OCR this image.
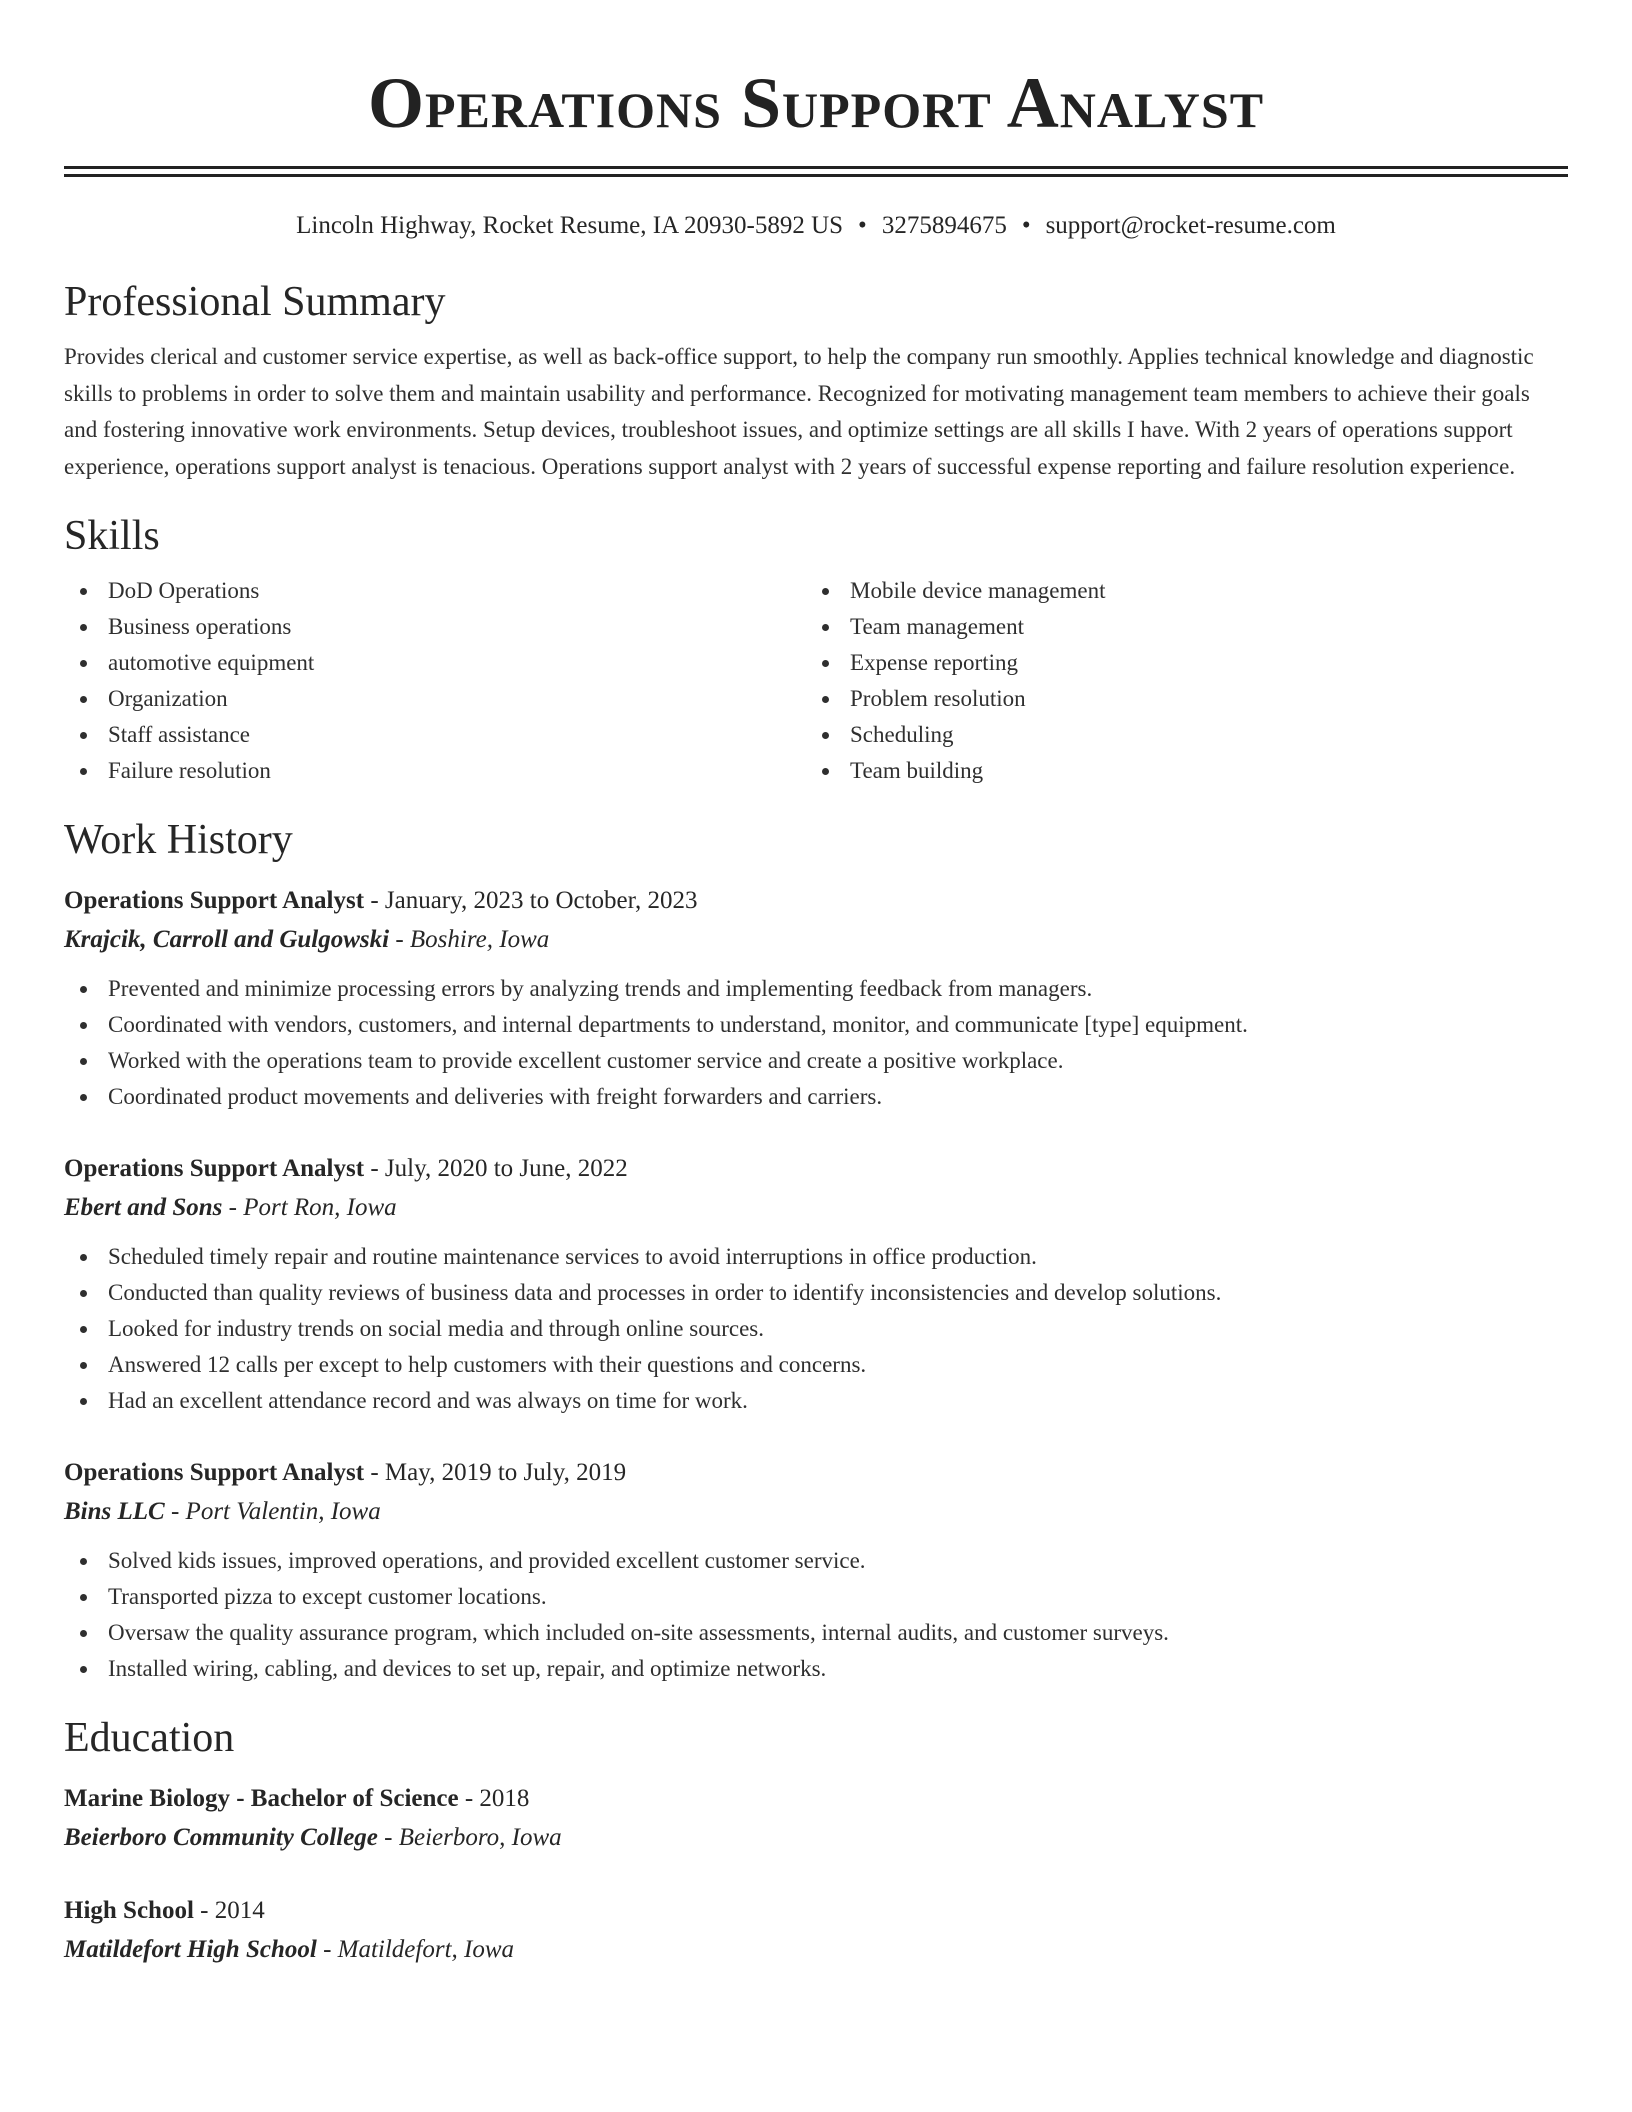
Operations Support Analyst
Lincoln Highway, Rocket Resume, IA 20930-5892 US • 3275894675 • support@rocket-resume.com
Professional Summary

Provides clerical and customer service expertise, as well as back-office support, to help the company run smoothly. Applies technical knowledge and diagnostic skills to problems in order to solve them and maintain usability and performance. Recognized for motivating management team members to achieve their goals and fostering innovative work environments. Setup devices, troubleshoot issues, and optimize settings are all skills I have. With 2 years of operations support experience, operations support analyst is tenacious. Operations support analyst with 2 years of successful expense reporting and failure resolution experience.

Skills
DoD Operations
Business operations
automotive equipment
Organization
Staff assistance
Failure resolution
Mobile device management
Team management
Expense reporting
Problem resolution
Scheduling
Team building
Work History
Operations Support Analyst - January, 2023 to October, 2023
Krajcik, Carroll and Gulgowski - Boshire, Iowa
Prevented and minimize processing errors by analyzing trends and implementing feedback from managers.
Coordinated with vendors, customers, and internal departments to understand, monitor, and communicate [type] equipment.
Worked with the operations team to provide excellent customer service and create a positive workplace.
Coordinated product movements and deliveries with freight forwarders and carriers.
Operations Support Analyst - July, 2020 to June, 2022
Ebert and Sons - Port Ron, Iowa
Scheduled timely repair and routine maintenance services to avoid interruptions in office production.
Conducted than quality reviews of business data and processes in order to identify inconsistencies and develop solutions.
Looked for industry trends on social media and through online sources.
Answered 12 calls per except to help customers with their questions and concerns.
Had an excellent attendance record and was always on time for work.
Operations Support Analyst - May, 2019 to July, 2019
Bins LLC - Port Valentin, Iowa
Solved kids issues, improved operations, and provided excellent customer service.
Transported pizza to except customer locations.
Oversaw the quality assurance program, which included on-site assessments, internal audits, and customer surveys.
Installed wiring, cabling, and devices to set up, repair, and optimize networks.
Education
Marine Biology - Bachelor of Science - 2018
Beierboro Community College - Beierboro, Iowa
High School - 2014
Matildefort High School - Matildefort, Iowa
